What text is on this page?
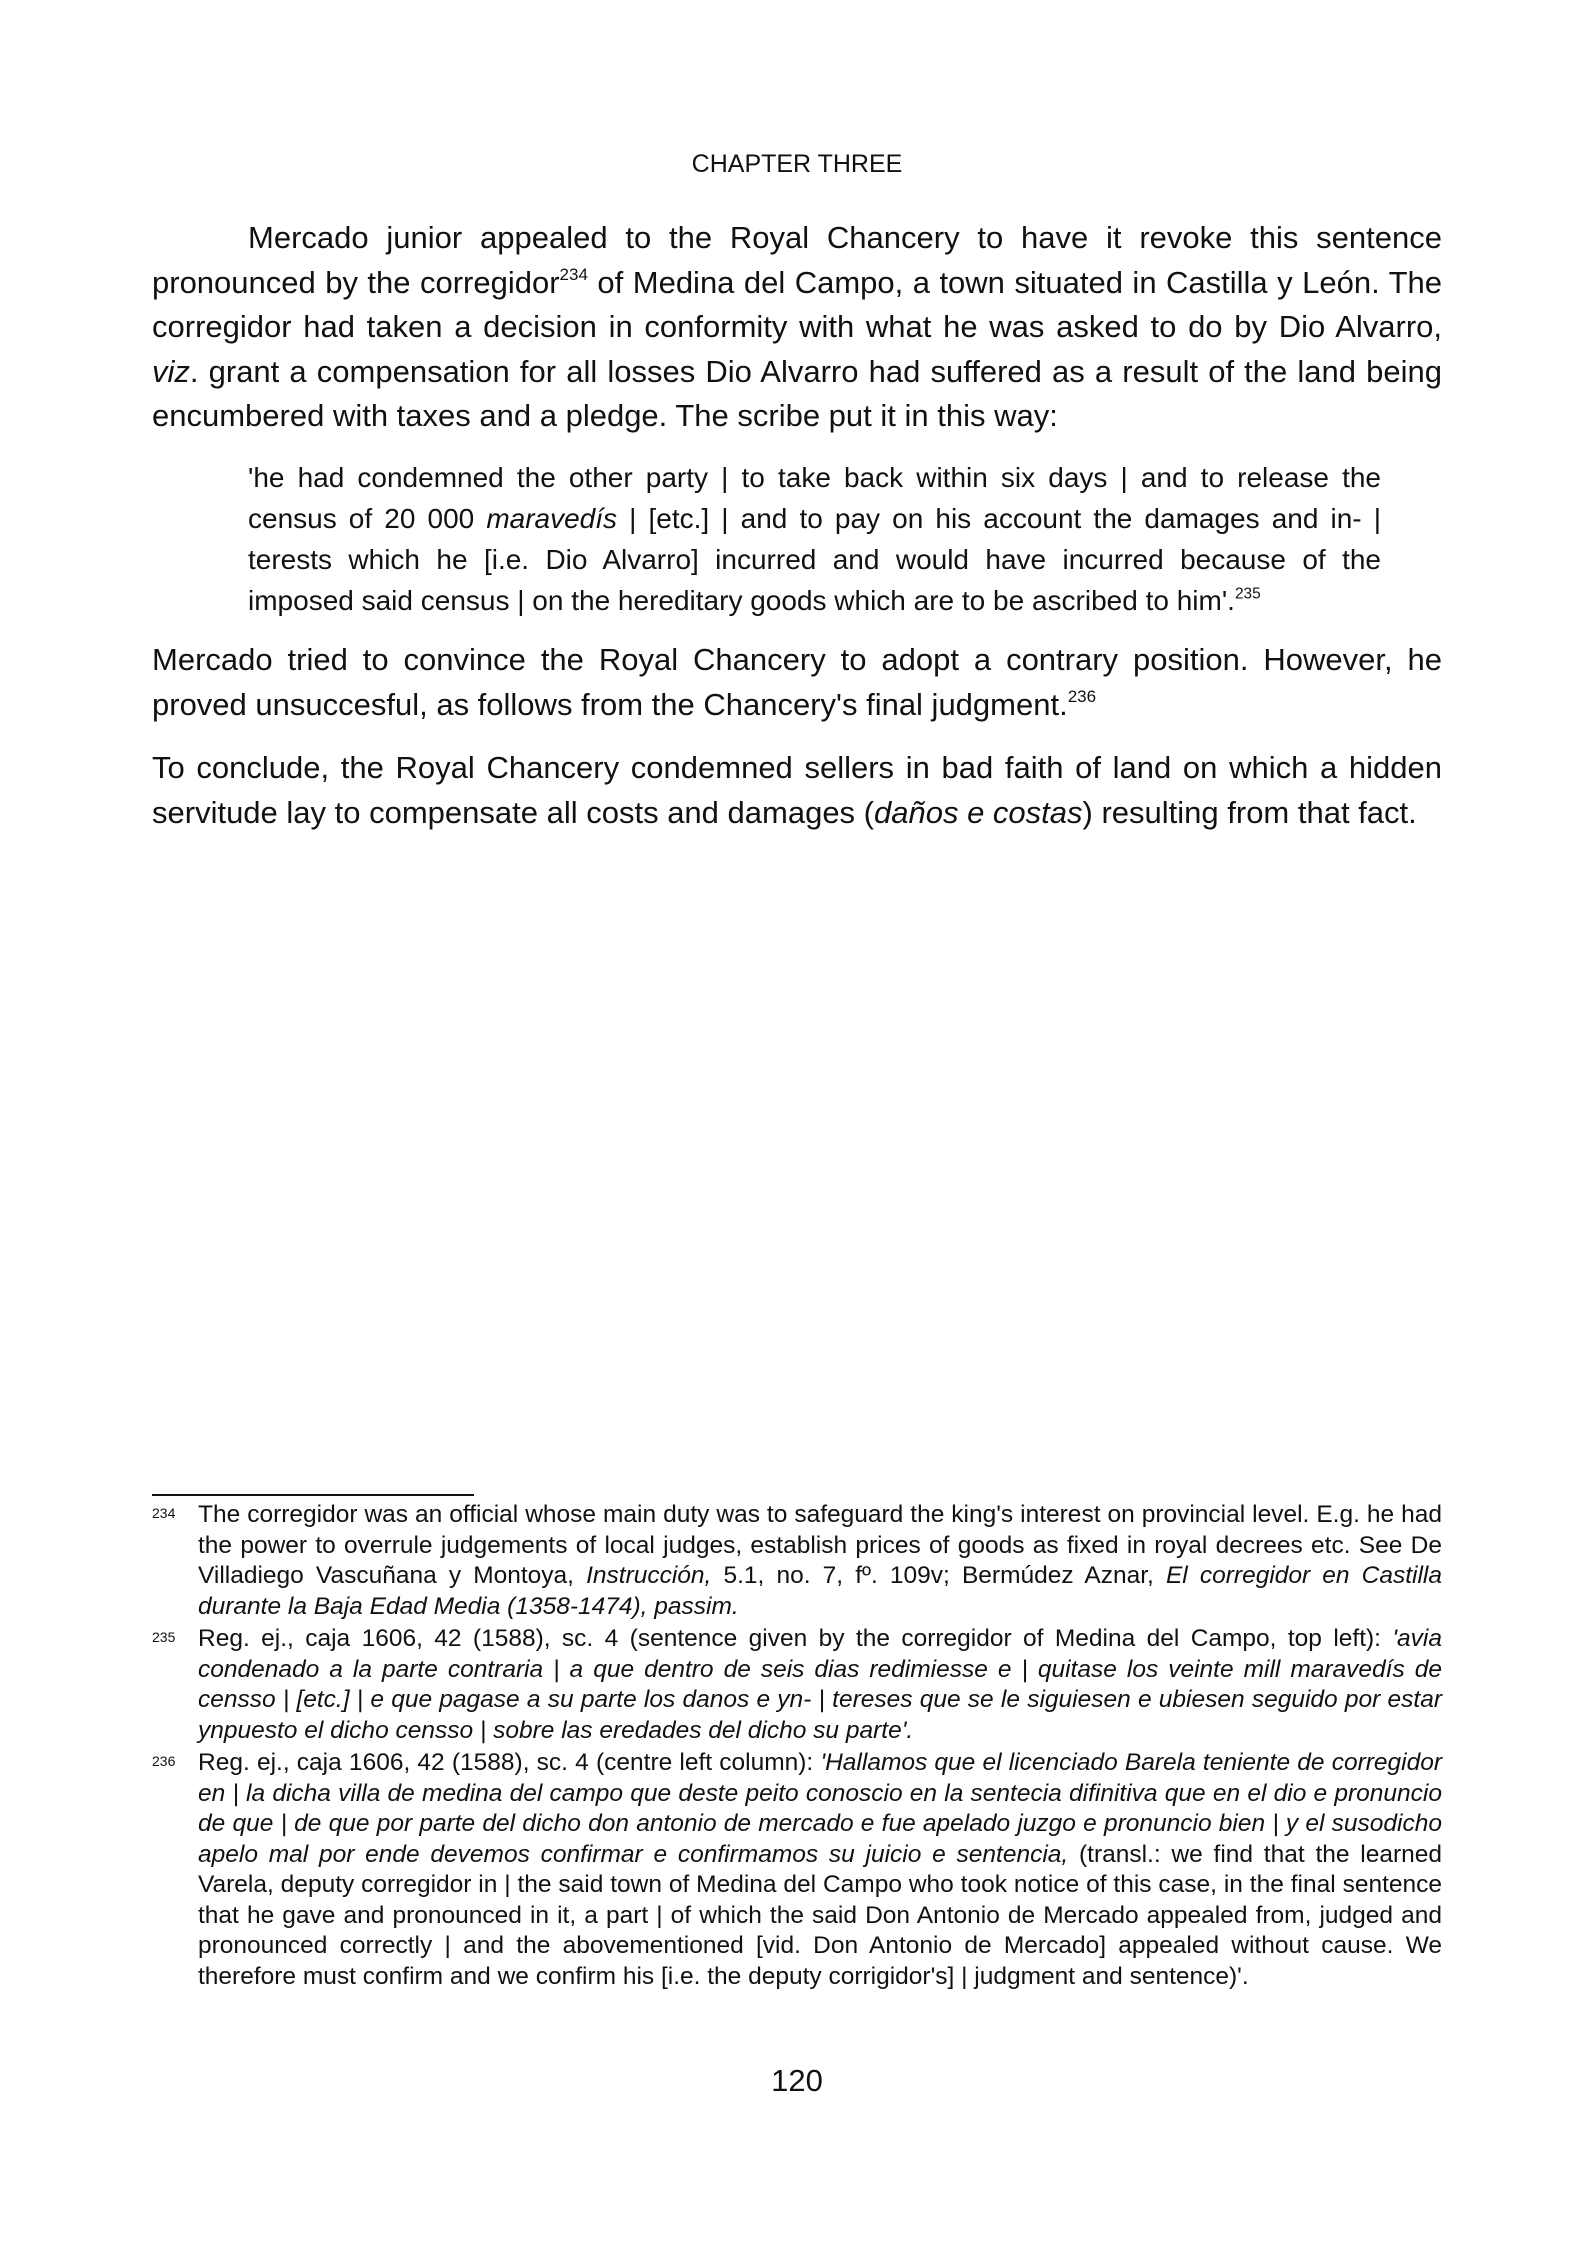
CHAPTER THREE

Mercado junior appealed to the Royal Chancery to have it revoke this sentence pronounced by the corregidor$^{234}$ of Medina del Campo, a town situated in Castilla y León. The corregidor had taken a decision in conformity with what he was asked to do by Dio Alvarro, viz. grant a compensation for all losses Dio Alvarro had suffered as a result of the land being encumbered with taxes and a pledge. The scribe put it in this way:

'he had condemned the other party | to take back within six days | and to release the census of 20 000 maravedís | [etc.] | and to pay on his account the damages and in- | terests which he [i.e. Dio Alvarro] incurred and would have incurred because of the imposed said census | on the hereditary goods which are to be ascribed to him'.$^{235}$

Mercado tried to convince the Royal Chancery to adopt a contrary position. However, he proved unsuccesful, as follows from the Chancery's final judgment.$^{236}$

To conclude, the Royal Chancery condemned sellers in bad faith of land on which a hidden servitude lay to compensate all costs and damages (daños e costas) resulting from that fact.

234 The corregidor was an official whose main duty was to safeguard the king's interest on provincial level. E.g. he had the power to overrule judgements of local judges, establish prices of goods as fixed in royal decrees etc. See De Villadiego Vascuñana y Montoya, Instrucción, 5.1, no. 7, fº. 109v; Bermúdez Aznar, El corregidor en Castilla durante la Baja Edad Media (1358-1474), passim.
235 Reg. ej., caja 1606, 42 (1588), sc. 4 (sentence given by the corregidor of Medina del Campo, top left): 'avia condenado a la parte contraria | a que dentro de seis dias redimiesse e | quitase los veinte mill maravedís de censso | [etc.] | e que pagase a su parte los danos e yn- | tereses que se le siguiesen e ubiesen seguido por estar ynpuesto el dicho censso | sobre las eredades del dicho su parte'.
236 Reg. ej., caja 1606, 42 (1588), sc. 4 (centre left column): 'Hallamos que el licenciado Barela teniente de corregidor en | la dicha villa de medina del campo que deste peito conoscio en la sentecia difinitiva que en el dio e pronuncio de que | de que por parte del dicho don antonio de mercado e fue apelado juzgo e pronuncio bien | y el susodicho apelo mal por ende devemos confirmar e confirmamos su juicio e sentencia, (transl.: we find that the learned Varela, deputy corregidor in | the said town of Medina del Campo who took notice of this case, in the final sentence that he gave and pronounced in it, a part | of which the said Don Antonio de Mercado appealed from, judged and pronounced correctly | and the abovementioned [vid. Don Antonio de Mercado] appealed without cause. We therefore must confirm and we confirm his [i.e. the deputy corrigidor's] | judgment and sentence)'.
120
